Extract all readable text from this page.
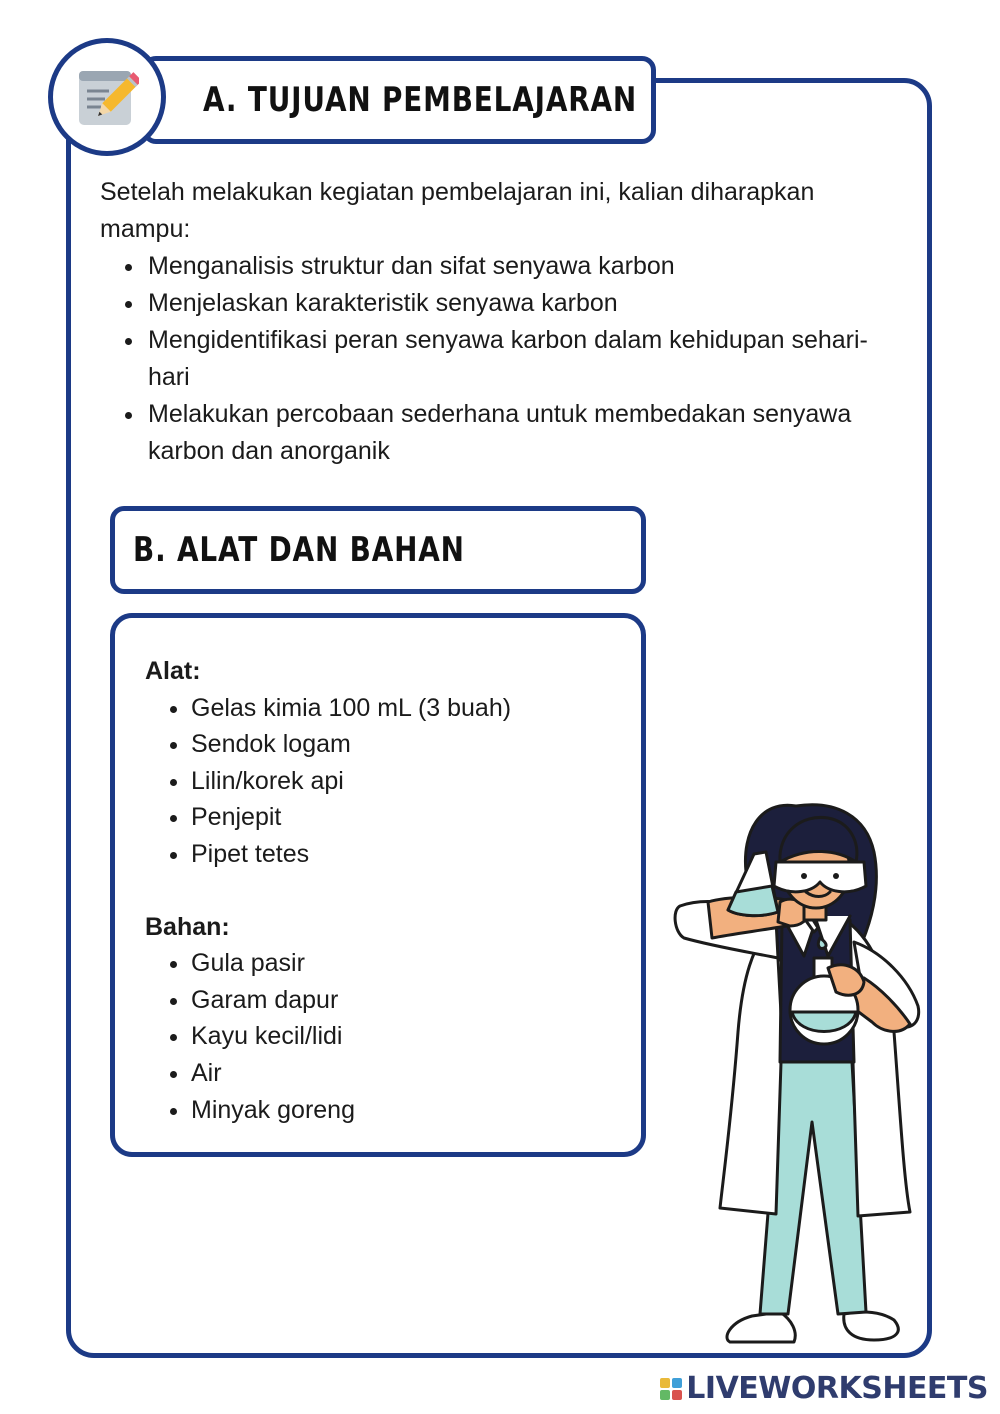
A. TUJUAN PEMBELAJARAN

Setelah melakukan kegiatan pembelajaran ini, kalian diharapkan mampu:

• Menganalisis struktur dan sifat senyawa karbon
• Menjelaskan karakteristik senyawa karbon
• Mengidentifikasi peran senyawa karbon dalam kehidupan sehari-hari
• Melakukan percobaan sederhana untuk membedakan senyawa karbon dan anorganik
B. ALAT DAN BAHAN

Alat:

• Gelas kimia 100 mL (3 buah)
• Sendok logam
• Lilin/korek api
• Penjepit
• Pipet tetes

Bahan:

• Gula pasir
• Garam dapur
• Kayu kecil/lidi
• Air
• Minyak goreng
LIVEWORKSHEETS
